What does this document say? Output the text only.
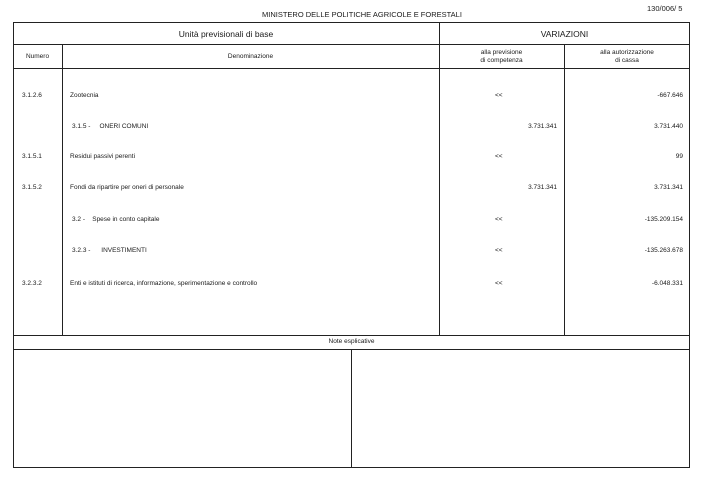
MINISTERO DELLE POLITICHE AGRICOLE E FORESTALI
130/006/ 5
Unità previsionali di base	VARIAZIONI
Numero	Denominazione
alla previsione
di competenza
alla autorizzazione
di cassa
3.1.2.6	Zootecnia	<<	-667.646
3.1.5 -     ONERI COMUNI	3.731.341	3.731.440
3.1.5.1	Residui passivi perenti	<<	99
3.1.5.2	Fondi da ripartire per oneri di personale	3.731.341	3.731.341
3.2 -    Spese in conto capitale	<<	-135.209.154
3.2.3 -      INVESTIMENTI	<<	-135.263.678
3.2.3.2	Enti e istituti di ricerca, informazione, sperimentazione e controllo	<<	-6.048.331
Note esplicative
